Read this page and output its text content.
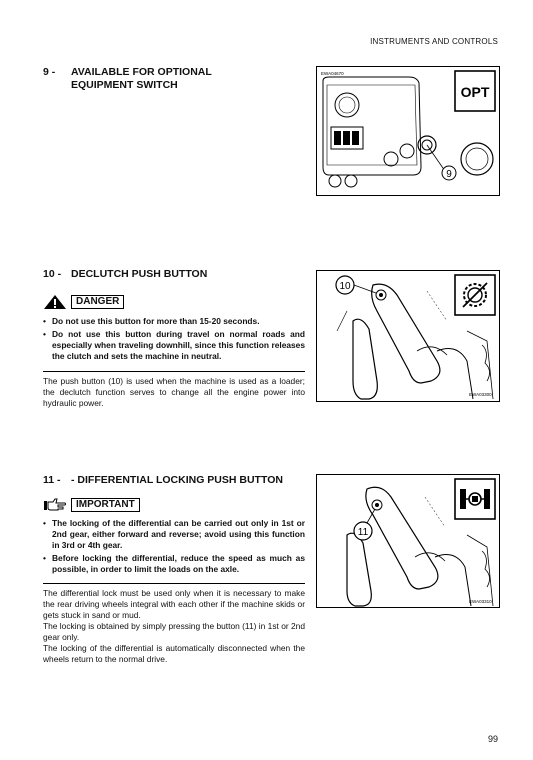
INSTRUMENTS AND CONTROLS
9 - AVAILABLE FOR OPTIONAL EQUIPMENT SWITCH
EWA04670
9
OPT
10 - DECLUTCH PUSH BUTTON
DANGER
• Do not use this button for more than 15-20 seconds.
• Do not use this button during travel on normal roads and especially when traveling downhill, since this function releases the clutch and sets the machine in neutral.

The push button (10) is used when the machine is used as a loader; the declutch function serves to change all the engine power into hydraulic power.

10
EWA03300
11 - - DIFFERENTIAL LOCKING PUSH BUTTON
IMPORTANT
• The locking of the differential can be carried out only in 1st or 2nd gear, either forward and reverse; avoid using this function in 3rd or 4th gear.
• Before locking the differential, reduce the speed as much as possible, in order to limit the loads on the axle.

The differential lock must be used only when it is necessary to make the rear driving wheels integral with each other if the machine skids or gets stuck in sand or mud.

The locking is obtained by simply pressing the button (11) in 1st or 2nd gear only.

The locking of the differential is automatically disconnected when the wheels return to the normal drive.

11
EWA03310
99
